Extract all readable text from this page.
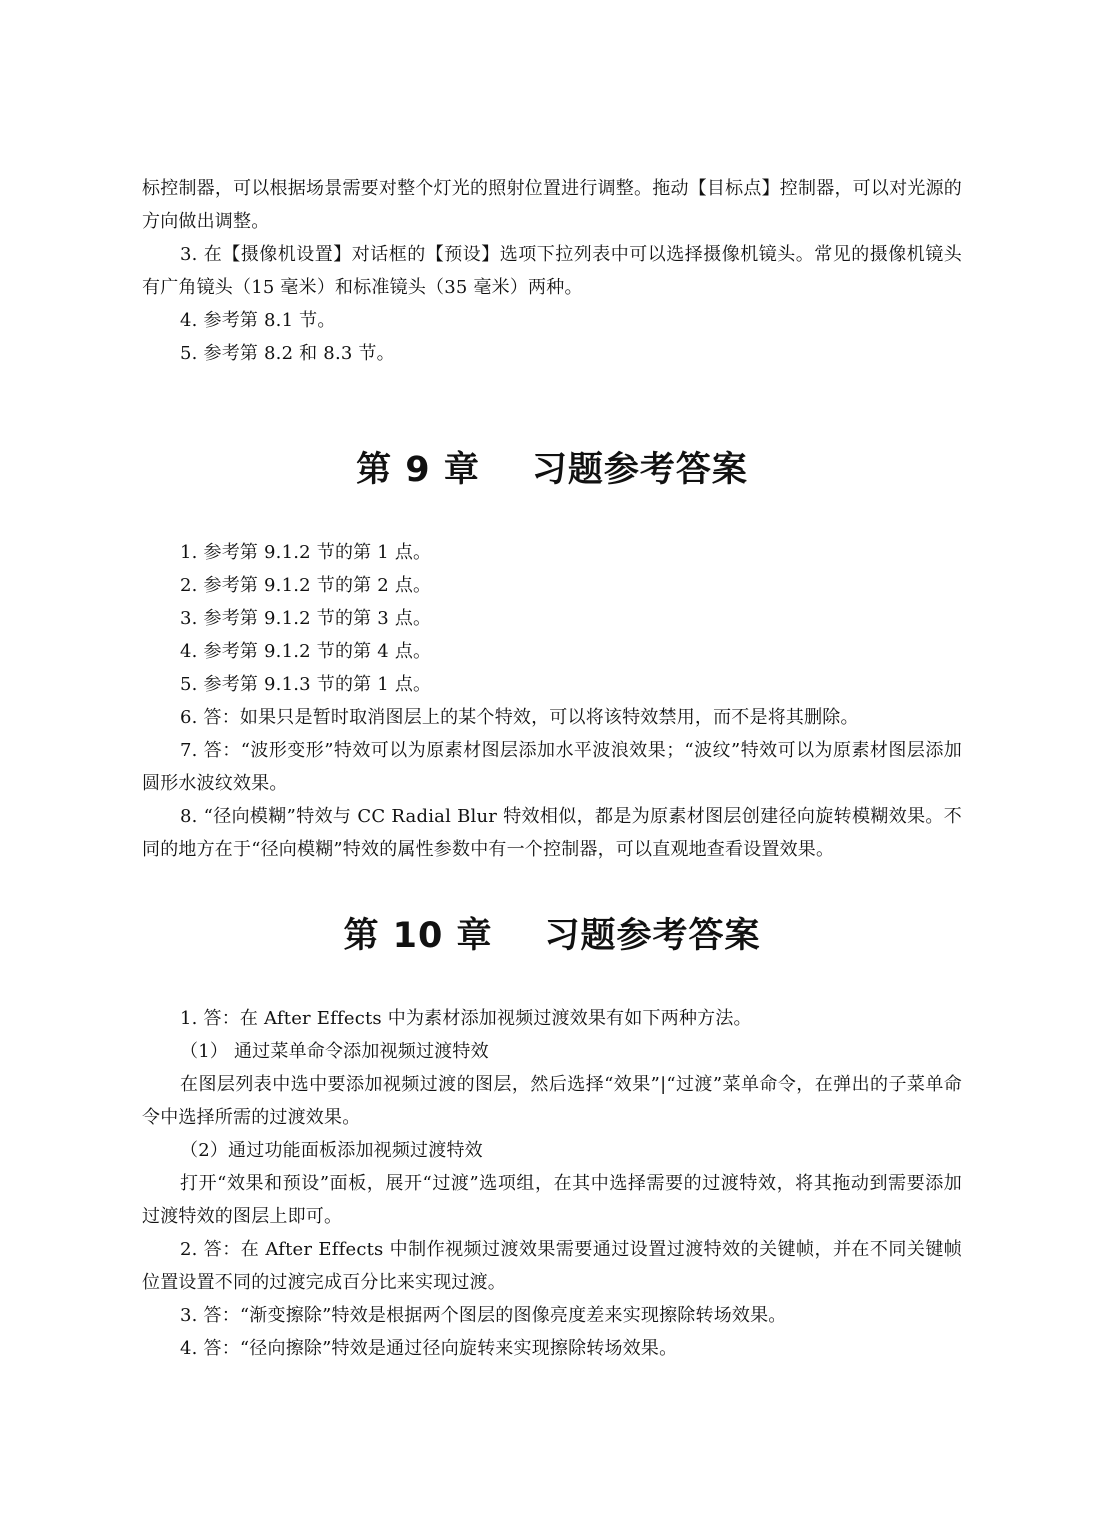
标控制器，可以根据场景需要对整个灯光的照射位置进行调整。拖动【目标点】控制器，可以对光源的方向做出调整。

3. 在【摄像机设置】对话框的【预设】选项下拉列表中可以选择摄像机镜头。常见的摄像机镜头有广角镜头（15 毫米）和标准镜头（35 毫米）两种。

4. 参考第 8.1 节。

5. 参考第 8.2 和 8.3 节。

第 9 章 习题参考答案

1. 参考第 9.1.2 节的第 1 点。

2. 参考第 9.1.2 节的第 2 点。

3. 参考第 9.1.2 节的第 3 点。

4. 参考第 9.1.2 节的第 4 点。

5. 参考第 9.1.3 节的第 1 点。

6. 答：如果只是暂时取消图层上的某个特效，可以将该特效禁用，而不是将其删除。

7. 答：“波形变形”特效可以为原素材图层添加水平波浪效果；“波纹”特效可以为原素材图层添加圆形水波纹效果。

8. “径向模糊”特效与 CC Radial Blur 特效相似，都是为原素材图层创建径向旋转模糊效果。不同的地方在于“径向模糊”特效的属性参数中有一个控制器，可以直观地查看设置效果。

第 10 章 习题参考答案

1. 答：在 After Effects 中为素材添加视频过渡效果有如下两种方法。

（1） 通过菜单命令添加视频过渡特效

在图层列表中选中要添加视频过渡的图层，然后选择“效果”|“过渡”菜单命令，在弹出的子菜单命令中选择所需的过渡效果。

（2）通过功能面板添加视频过渡特效

打开“效果和预设”面板，展开“过渡”选项组，在其中选择需要的过渡特效，将其拖动到需要添加过渡特效的图层上即可。

2. 答：在 After Effects 中制作视频过渡效果需要通过设置过渡特效的关键帧，并在不同关键帧位置设置不同的过渡完成百分比来实现过渡。

3. 答：“渐变擦除”特效是根据两个图层的图像亮度差来实现擦除转场效果。

4. 答：“径向擦除”特效是通过径向旋转来实现擦除转场效果。
